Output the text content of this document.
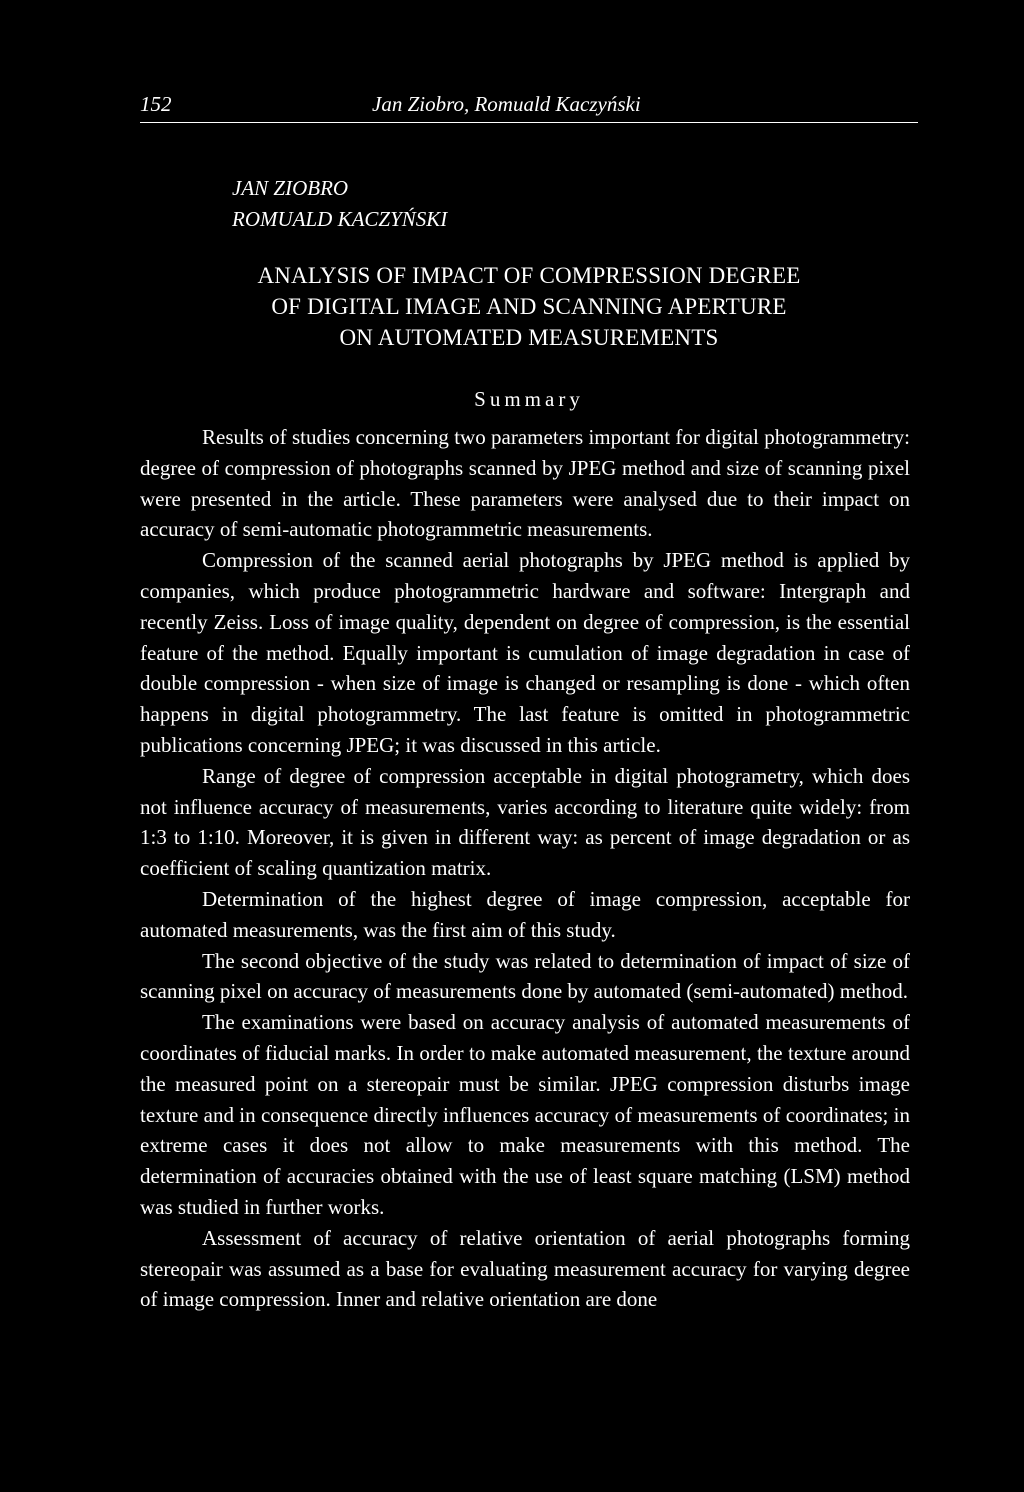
152	Jan Ziobro, Romuald Kaczyński
JAN ZIOBRO
ROMUALD KACZYŃSKI
ANALYSIS OF IMPACT OF COMPRESSION DEGREE
OF DIGITAL IMAGE AND SCANNING APERTURE
ON AUTOMATED MEASUREMENTS
Summary

Results of studies concerning two parameters important for digital photogrammetry: degree of compression of photographs scanned by JPEG method and size of scanning pixel were presented in the article. These parameters were analysed due to their impact on accuracy of semi-automatic photogrammetric measurements.

Compression of the scanned aerial photographs by JPEG method is applied by companies, which produce photogrammetric hardware and software: Intergraph and recently Zeiss. Loss of image quality, dependent on degree of compression, is the essential feature of the method. Equally important is cumulation of image degradation in case of double compression - when size of image is changed or resampling is done - which often happens in digital photogrammetry. The last feature is omitted in photogrammetric publications concerning JPEG; it was discussed in this article.

Range of degree of compression acceptable in digital photogrametry, which does not influence accuracy of measurements, varies according to literature quite widely: from 1:3 to 1:10. Moreover, it is given in different way: as percent of image degradation or as coefficient of scaling quantization matrix.

Determination of the highest degree of image compression, acceptable for automated measurements, was the first aim of this study.

The second objective of the study was related to determination of impact of size of scanning pixel on accuracy of measurements done by automated (semi-automated) method.

The examinations were based on accuracy analysis of automated measurements of coordinates of fiducial marks. In order to make automated measurement, the texture around the measured point on a stereopair must be similar. JPEG compression disturbs image texture and in consequence directly influences accuracy of measurements of coordinates; in extreme cases it does not allow to make measurements with this method. The determination of accuracies obtained with the use of least square matching (LSM) method was studied in further works.

Assessment of accuracy of relative orientation of aerial photographs forming stereopair was assumed as a base for evaluating measurement accuracy for varying degree of image compression. Inner and relative orientation are done
